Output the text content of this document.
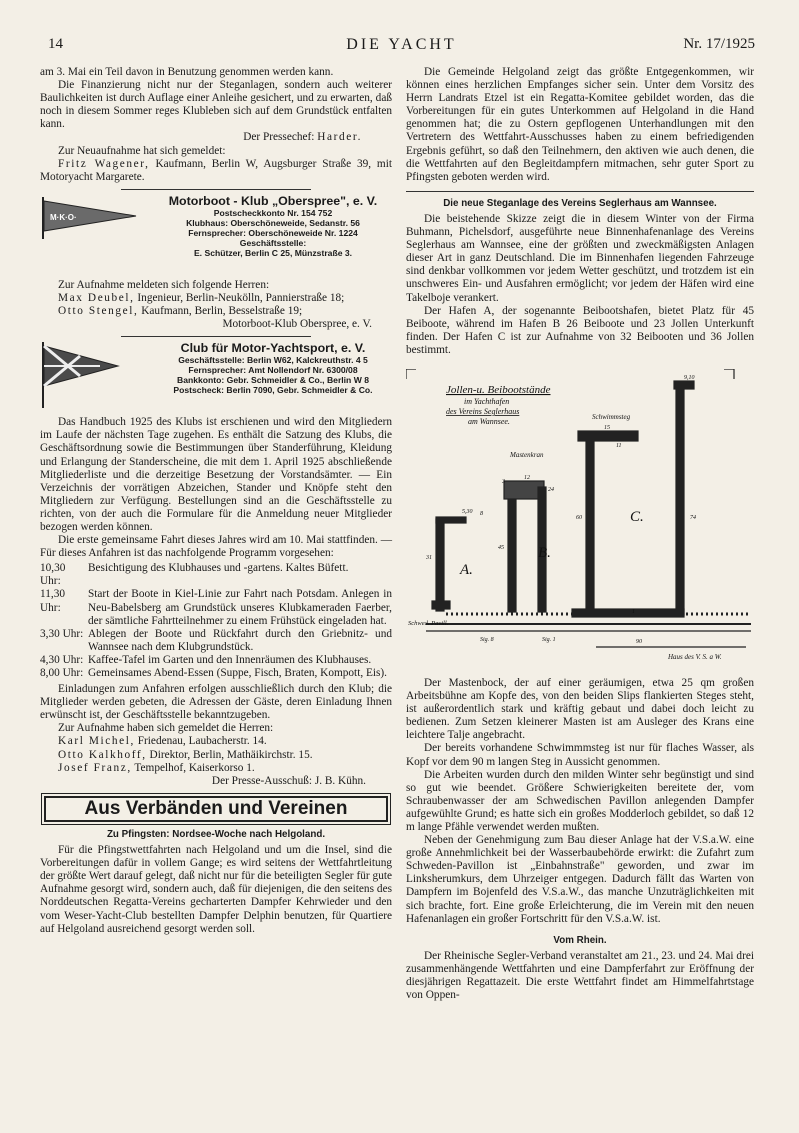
14	DIE YACHT	Nr. 17/1925

am 3. Mai ein Teil davon in Benutzung genommen werden kann.

Die Finanzierung nicht nur der Steganlagen, sondern auch weiterer Baulichkeiten ist durch Auflage einer Anleihe gesichert, und zu erwarten, daß noch in diesem Sommer reges Klubleben sich auf dem Grundstück entfalten kann.

Der Pressechef: Harder.

Zur Neuaufnahme hat sich gemeldet:

Fritz Wagener, Kaufmann, Berlin W, Augsburger Straße 39, mit Motoryacht Margarete.

M·K·O·
Motorboot - Klub „Oberspree", e. V.
Postscheckkonto Nr. 154 752
Klubhaus: Oberschöneweide, Sedanstr. 56
Fernsprecher: Oberschöneweide Nr. 1224
Geschäftsstelle:
E. Schützer, Berlin C 25, Münzstraße 3.

Zur Aufnahme meldeten sich folgende Herren:

Max Deubel, Ingenieur, Berlin-Neukölln, Pannierstraße 18;

Otto Stengel, Kaufmann, Berlin, Besselstraße 19;

Motorboot-Klub Oberspree, e. V.

Club für Motor-Yachtsport, e. V.
Geschäftsstelle: Berlin W62, Kalckreuthstr. 4 5
Fernsprecher: Amt Nollendorf Nr. 6300/08
Bankkonto: Gebr. Schmeidler & Co., Berlin W 8
Postscheck: Berlin 7090, Gebr. Schmeidler & Co.

Das Handbuch 1925 des Klubs ist erschienen und wird den Mitgliedern im Laufe der nächsten Tage zugehen. Es enthält die Satzung des Klubs, die Geschäftsordnung sowie die Bestimmungen über Standerführung, Kleidung und Erlangung der Standerscheine, die mit dem 1. April 1925 abschließende Mitgliederliste und die derzeitige Besetzung der Vorstandsämter. — Ein Verzeichnis der vorrätigen Abzeichen, Stander und Knöpfe steht den Mitgliedern zur Verfügung. Bestellungen sind an die Geschäftsstelle zu richten, von der auch die Formulare für die Anmeldung neuer Mitglieder bezogen werden können.

Die erste gemeinsame Fahrt dieses Jahres wird am 10. Mai stattfinden. — Für dieses Anfahren ist das nachfolgende Programm vorgesehen:

10,30 Uhr:
Besichtigung des Klubhauses und -gartens. Kaltes Büfett.
11,30 Uhr:
Start der Boote in Kiel-Linie zur Fahrt nach Potsdam. Anlegen in Neu-Babelsberg am Grundstück unseres Klubkameraden Faerber, der sämtliche Fahrtteilnehmer zu einem Frühstück eingeladen hat.
3,30 Uhr: Ablegen der Boote und Rückfahrt durch den Griebnitz- und Wannsee nach dem Klubgrundstück.
4,30 Uhr: Kaffee-Tafel im Garten und den Innenräumen des Klubhauses.
8,00 Uhr: Gemeinsames Abend-Essen (Suppe, Fisch, Braten, Kompott, Eis).

Einladungen zum Anfahren erfolgen ausschließlich durch den Klub; die Mitglieder werden gebeten, die Adressen der Gäste, deren Einladung Ihnen erwünscht ist, der Geschäftsstelle bekanntzugeben.

Zur Aufnahme haben sich gemeldet die Herren:

Karl Michel, Friedenau, Laubacherstr. 14.

Otto Kalkhoff, Direktor, Berlin, Mathäikirchstr. 15.

Josef Franz, Tempelhof, Kaiserkorso 1.

Der Presse-Ausschuß: J. B. Kühn.

Aus Verbänden und Vereinen
Zu Pfingsten: Nordsee-Woche nach Helgoland.

Für die Pfingstwettfahrten nach Helgoland und um die Insel, sind die Vorbereitungen dafür in vollem Gange; es wird seitens der Wettfahrtleitung der größte Wert darauf gelegt, daß nicht nur für die beteiligten Segler für gute Aufnahme gesorgt wird, sondern auch, daß für diejenigen, die den seitens des Norddeutschen Regatta-Vereins gecharterten Dampfer Kehrwieder und den vom Weser-Yacht-Club bestellten Dampfer Delphin benutzen, für Quartiere auf Helgoland ausreichend gesorgt werden soll.

Die Gemeinde Helgoland zeigt das größte Entgegenkommen, wir können eines herzlichen Empfanges sicher sein. Unter dem Vorsitz des Herrn Landrats Etzel ist ein Regatta-Komitee gebildet worden, das die Vorbereitungen für ein gutes Unterkommen auf Helgoland in die Hand genommen hat; die zu Ostern gepflogenen Unterhandlungen mit den Vertretern des Wettfahrt-Ausschusses haben zu einem befriedigenden Ergebnis geführt, so daß den Teilnehmern, den aktiven wie auch denen, die die Wettfahrten auf den Begleitdampfern mitmachen, sehr guter Sport zu Pfingsten geboten werden wird.

Die neue Steganlage des Vereins Seglerhaus am Wannsee.

Die beistehende Skizze zeigt die in diesem Winter von der Firma Buhmann, Pichelsdorf, ausgeführte neue Binnenhafenanlage des Vereins Seglerhaus am Wannsee, eine der größten und zweckmäßigsten Anlagen dieser Art in ganz Deutschland. Die im Binnenhafen liegenden Fahrzeuge sind denkbar vollkommen vor jedem Wetter geschützt, und trotzdem ist ein unschweres Ein- und Ausfahren ermöglicht; vor jedem der Häfen wird eine Takelboje verankert.

Der Hafen A, der sogenannte Beibootshafen, bietet Platz für 45 Beiboote, während im Hafen B 26 Beiboote und 23 Jollen Unterkunft finden. Der Hafen C ist zur Aufnahme von 32 Beibooten und 36 Jollen bestimmt.

Jollen-u. Beibootstände
im Yachthafen
des Vereins Seglerhaus
am Wannsee.	Schwimmsteg
Mastenkran
A.
B.
C.
Schwed. Pavill.
Haus des V. S. a W.
9,10
15
11
12
60
45
31
74
24
5,30 8
3
90
1
Sig. 8	Sig. 1

Der Mastenbock, der auf einer geräumigen, etwa 25 qm großen Arbeitsbühne am Kopfe des, von den beiden Slips flankierten Steges steht, ist außerordentlich stark und kräftig gebaut und dabei doch leicht zu bedienen. Zum Setzen kleinerer Masten ist am Ausleger des Krans eine leichtere Talje angebracht.

Der bereits vorhandene Schwimmmsteg ist nur für flaches Wasser, als Kopf vor dem 90 m langen Steg in Aussicht genommen.

Die Arbeiten wurden durch den milden Winter sehr begünstigt und sind so gut wie beendet. Größere Schwierigkeiten bereitete der, vom Schraubenwasser der am Schwedischen Pavillon anlegenden Dampfer aufgewühlte Grund; es hatte sich ein großes Modderloch gebildet, so daß 12 m lange Pfähle verwendet werden mußten.

Neben der Genehmigung zum Bau dieser Anlage hat der V.S.a.W. eine große Annehmlichkeit bei der Wasserbaubehörde erwirkt: die Zufahrt zum Schweden-Pavillon ist „Einbahnstraße" geworden, und zwar im Linksherumkurs, dem Uhrzeiger entgegen. Dadurch fällt das Warten von Dampfern im Bojenfeld des V.S.a.W., das manche Unzuträglichkeiten mit sich brachte, fort. Eine große Erleichterung, die im Verein mit den neuen Hafenanlagen ein großer Fortschritt für den V.S.a.W. ist.

Vom Rhein.

Der Rheinische Segler-Verband veranstaltet am 21., 23. und 24. Mai drei zusammenhängende Wettfahrten und eine Dampferfahrt zur Eröffnung der diesjährigen Regattazeit. Die erste Wettfahrt findet am Himmelfahrtstage von Oppen-
